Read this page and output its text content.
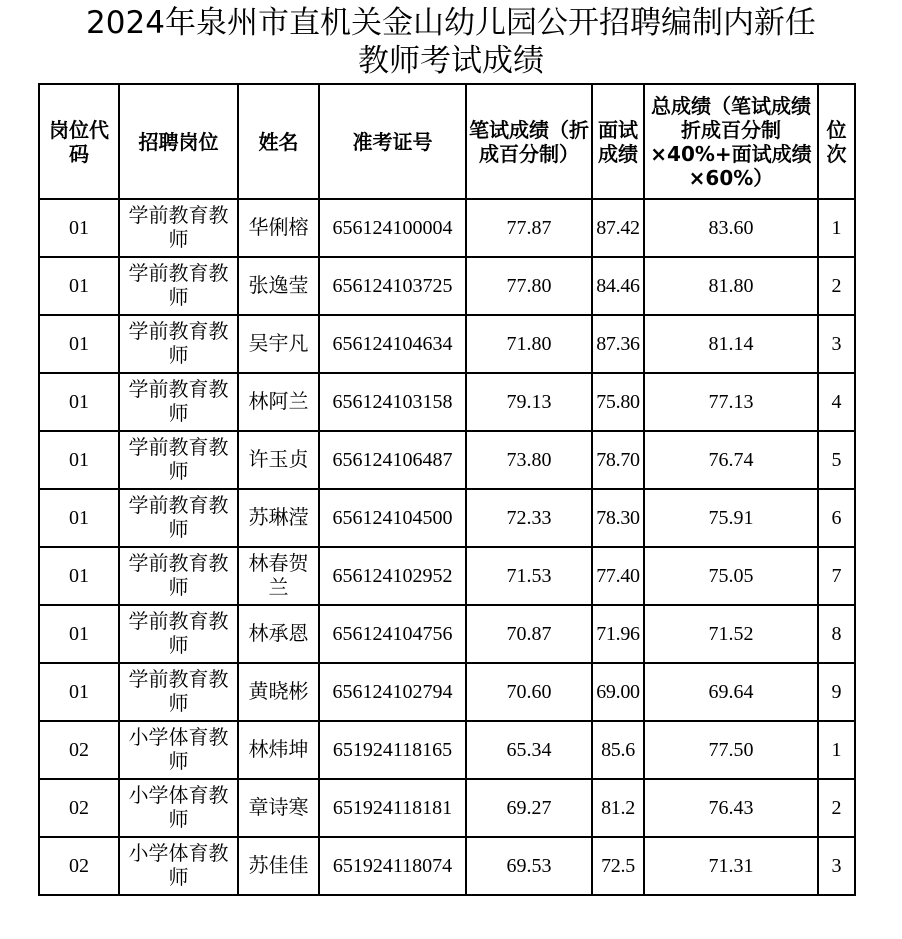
2024年泉州市直机关金山幼儿园公开招聘编制内新任
教师考试成绩
岗位代码	招聘岗位	姓名	准考证号	笔试成绩（折成百分制）	面试成绩	总成绩（笔试成绩折成百分制×40%+面试成绩×60%）	位次
01	学前教育教师	华俐榕	656124100004	77.87	87.42	83.60	1
01	学前教育教师	张逸莹	656124103725	77.80	84.46	81.80	2
01	学前教育教师	吴宇凡	656124104634	71.80	87.36	81.14	3
01	学前教育教师	林阿兰	656124103158	79.13	75.80	77.13	4
01	学前教育教师	许玉贞	656124106487	73.80	78.70	76.74	5
01	学前教育教师	苏琳滢	656124104500	72.33	78.30	75.91	6
01	学前教育教师	林春贺兰	656124102952	71.53	77.40	75.05	7
01	学前教育教师	林承恩	656124104756	70.87	71.96	71.52	8
01	学前教育教师	黄晓彬	656124102794	70.60	69.00	69.64	9
02	小学体育教师	林炜坤	651924118165	65.34	85.6	77.50	1
02	小学体育教师	章诗寒	651924118181	69.27	81.2	76.43	2
02	小学体育教师	苏佳佳	651924118074	69.53	72.5	71.31	3
